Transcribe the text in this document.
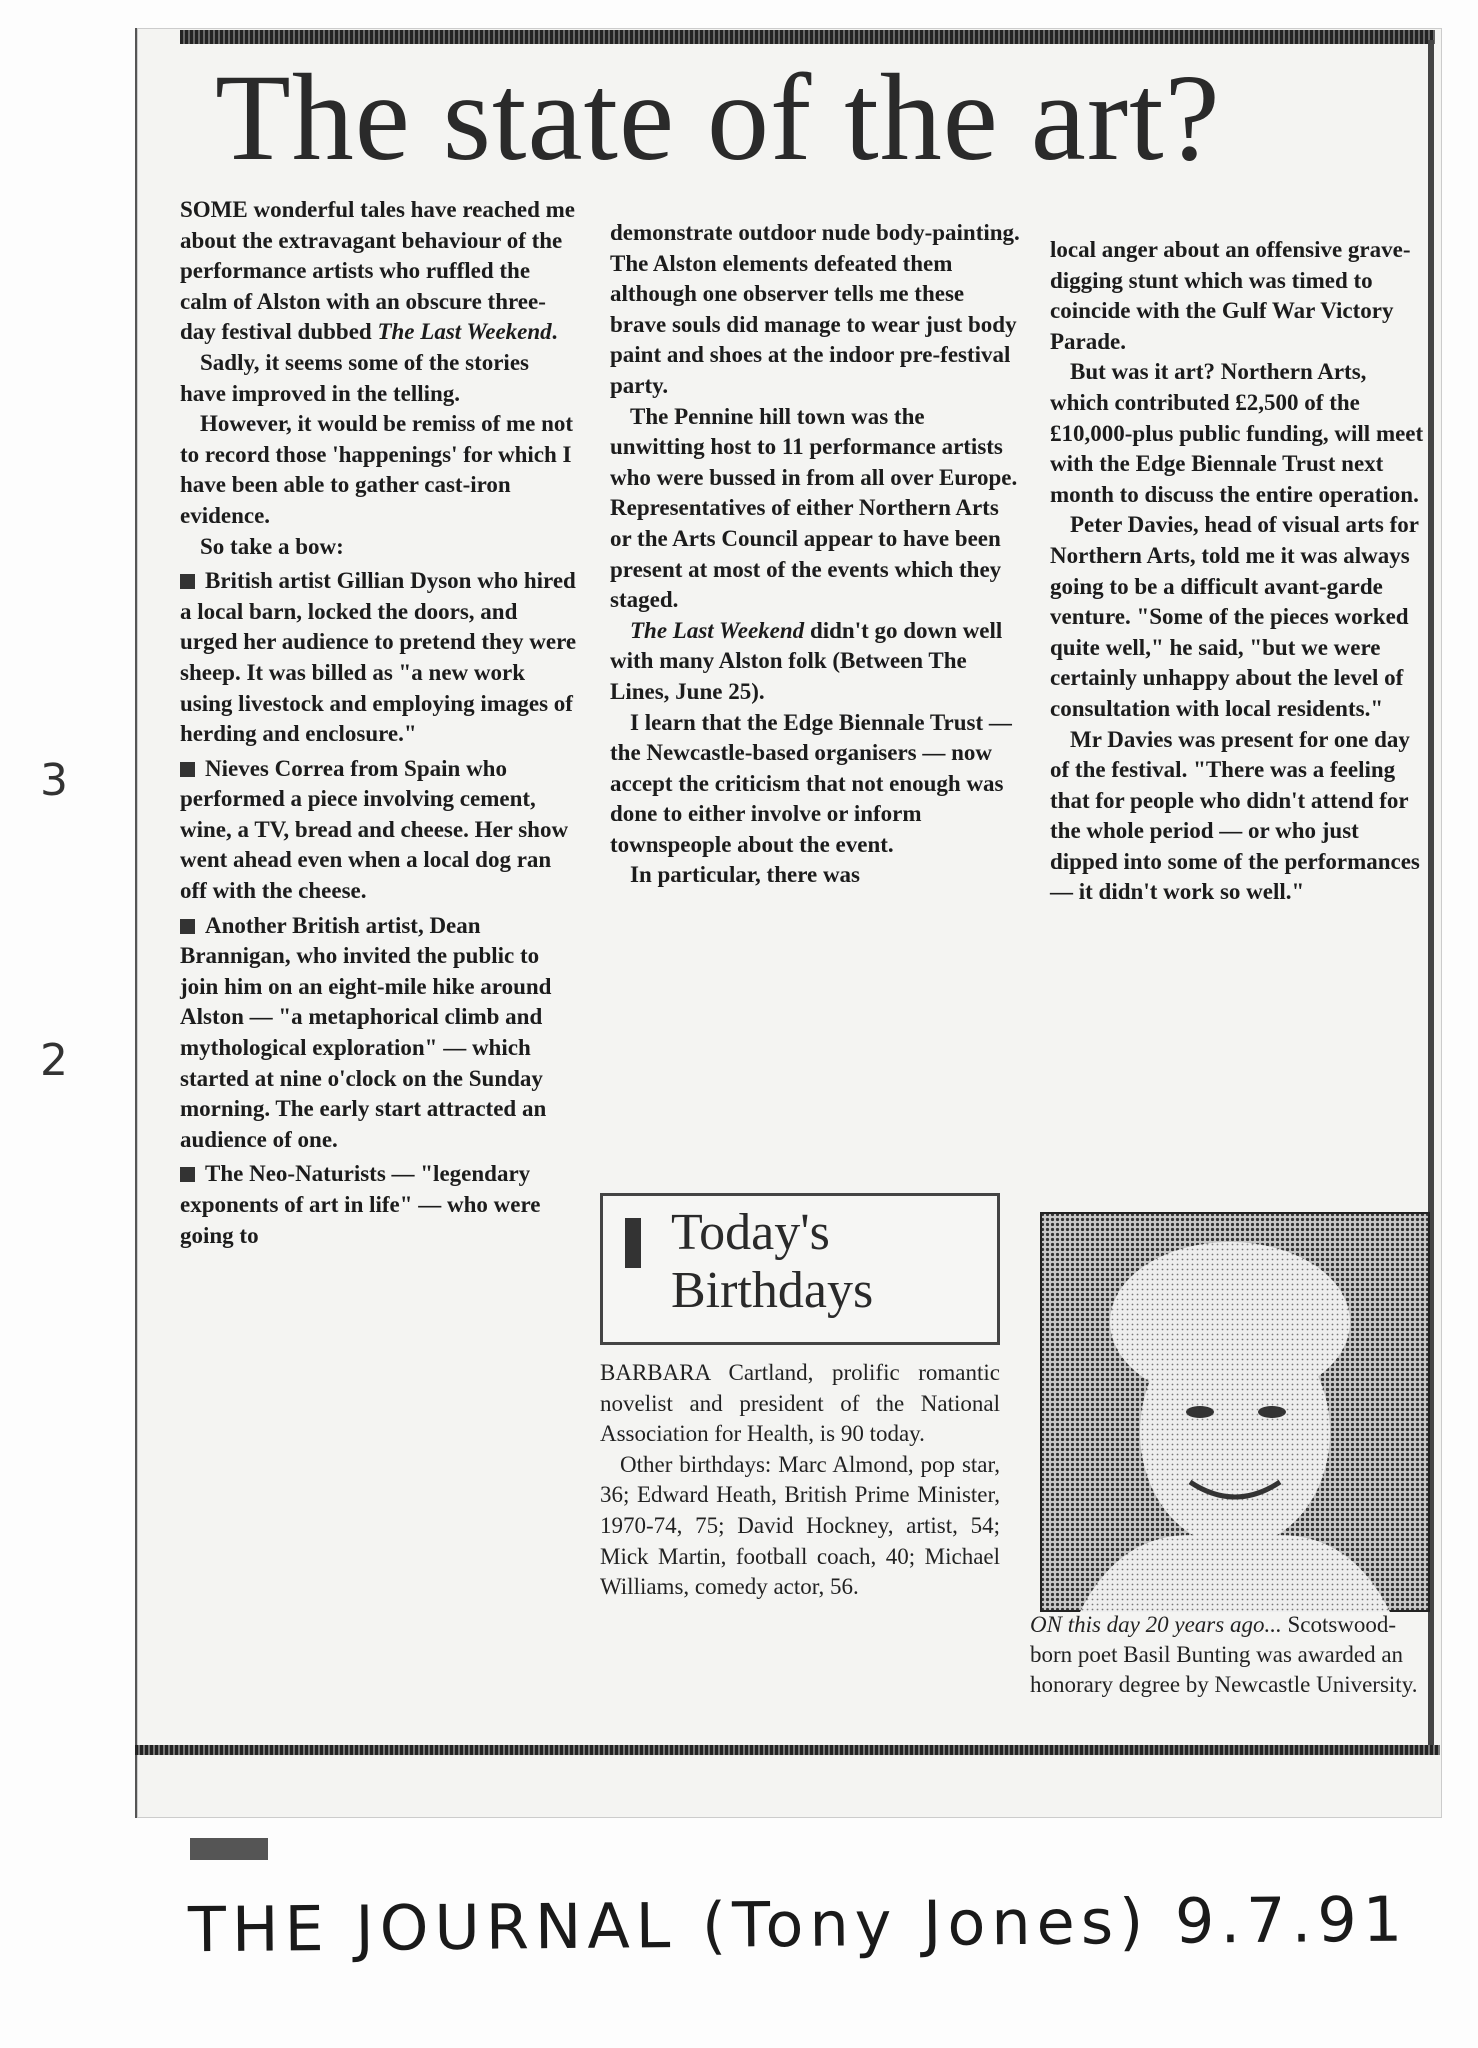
The state of the art?

SOME wonderful tales have reached me about the extravagant behaviour of the performance artists who ruffled the calm of Alston with an obscure three-day festival dubbed The Last Weekend.

Sadly, it seems some of the stories have improved in the telling.

However, it would be remiss of me not to record those 'happenings' for which I have been able to gather cast-iron evidence.

So take a bow:

British artist Gillian Dyson who hired a local barn, locked the doors, and urged her audience to pretend they were sheep. It was billed as "a new work using livestock and employing images of herding and enclosure."

Nieves Correa from Spain who performed a piece involving cement, wine, a TV, bread and cheese. Her show went ahead even when a local dog ran off with the cheese.

Another British artist, Dean Brannigan, who invited the public to join him on an eight-mile hike around Alston — "a metaphorical climb and mythological exploration" — which started at nine o'clock on the Sunday morning. The early start attracted an audience of one.

The Neo-Naturists — "legendary exponents of art in life" — who were going to

demonstrate outdoor nude body-painting. The Alston elements defeated them although one observer tells me these brave souls did manage to wear just body paint and shoes at the indoor pre-festival party.

The Pennine hill town was the unwitting host to 11 performance artists who were bussed in from all over Europe. Representatives of either Northern Arts or the Arts Council appear to have been present at most of the events which they staged.

The Last Weekend didn't go down well with many Alston folk (Between The Lines, June 25).

I learn that the Edge Biennale Trust — the Newcastle-based organisers — now accept the criticism that not enough was done to either involve or inform townspeople about the event.

In particular, there was

local anger about an offensive grave-digging stunt which was timed to coincide with the Gulf War Victory Parade.

But was it art? Northern Arts, which contributed £2,500 of the £10,000-plus public funding, will meet with the Edge Biennale Trust next month to discuss the entire operation.

Peter Davies, head of visual arts for Northern Arts, told me it was always going to be a difficult avant-garde venture. "Some of the pieces worked quite well," he said, "but we were certainly unhappy about the level of consultation with local residents."

Mr Davies was present for one day of the festival. "There was a feeling that for people who didn't attend for the whole period — or who just dipped into some of the performances — it didn't work so well."

Today's Birthdays

BARBARA Cartland, prolific romantic novelist and president of the National Association for Health, is 90 today.

Other birthdays: Marc Almond, pop star, 36; Edward Heath, British Prime Minister, 1970-74, 75; David Hockney, artist, 54; Mick Martin, football coach, 40; Michael Williams, comedy actor, 56.

ON this day 20 years ago... Scotswood-born poet Basil Bunting was awarded an honorary degree by Newcastle University.
3
2
THE JOURNAL (Tony Jones) 9.7.91
